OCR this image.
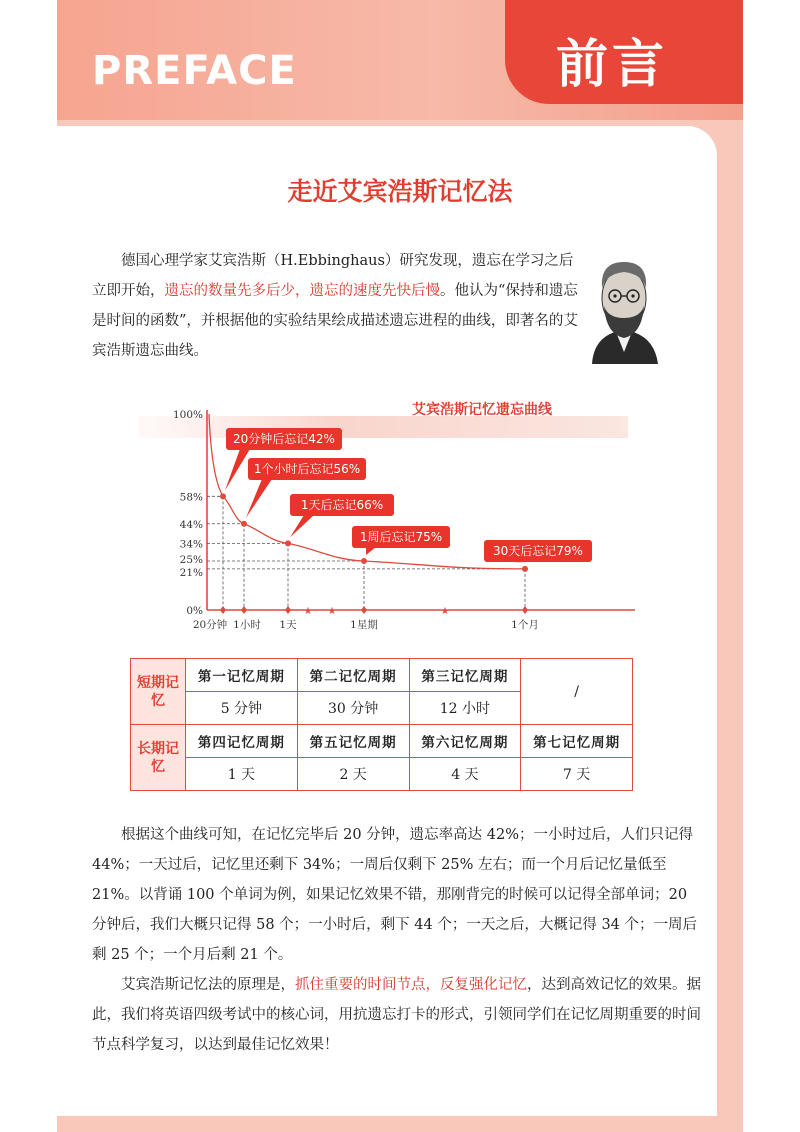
PREFACE	前言
走近艾宾浩斯记忆法
德国心理学家艾宾浩斯（H.Ebbinghaus）研究发现，遗忘在学习之后立即开始，遗忘的数量先多后少，遗忘的速度先快后慢。他认为“保持和遗忘是时间的函数”，并根据他的实验结果绘成描述遗忘进程的曲线，即著名的艾宾浩斯遗忘曲线。
艾宾浩斯记忆遗忘曲线
0%
21%
25%
34%
44%
58%
100%
★ ★	★
20分钟 1小时 1天	1星期	1个月
20分钟后忘记42%
1个小时后忘记56%
1天后忘记66%
1周后忘记75%
30天后忘记79%
短期记忆	第一记忆周期	第二记忆周期	第三记忆周期	/
	5 分钟	30 分钟	12 小时	
长期记忆	第四记忆周期	第五记忆周期	第六记忆周期	第七记忆周期
	1 天	2 天	4 天	7 天
根据这个曲线可知，在记忆完毕后 20 分钟，遗忘率高达 42%；一小时过后，人们只记得 44%；一天过后，记忆里还剩下 34%；一周后仅剩下 25% 左右；而一个月后记忆量低至 21%。以背诵 100 个单词为例，如果记忆效果不错，那刚背完的时候可以记得全部单词；20 分钟后，我们大概只记得 58 个；一小时后，剩下 44 个；一天之后，大概记得 34 个；一周后剩 25 个；一个月后剩 21 个。
艾宾浩斯记忆法的原理是，抓住重要的时间节点，反复强化记忆，达到高效记忆的效果。据此，我们将英语四级考试中的核心词，用抗遗忘打卡的形式，引领同学们在记忆周期重要的时间节点科学复习，以达到最佳记忆效果！
